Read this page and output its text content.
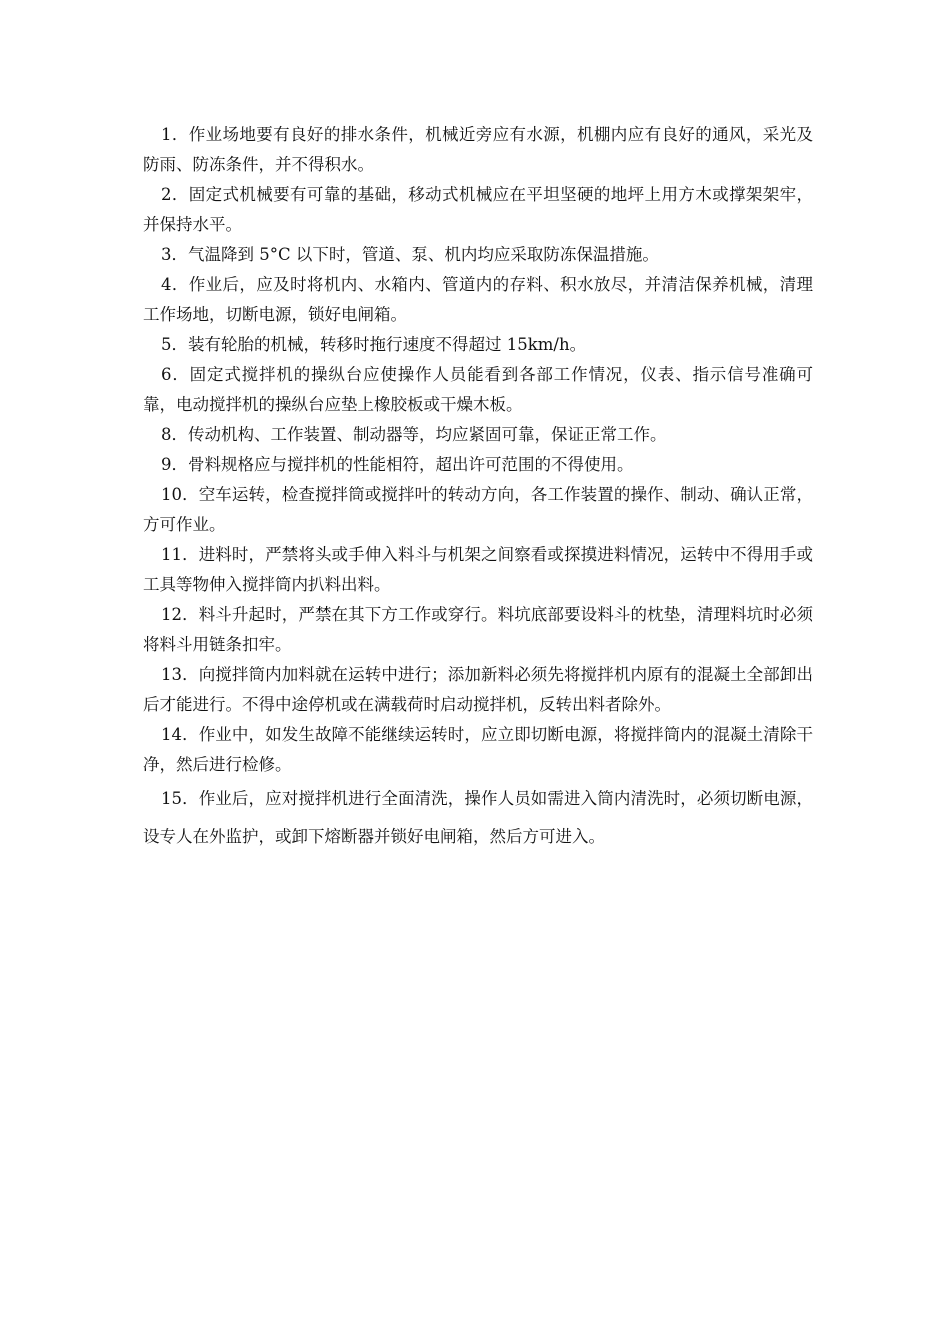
1．作业场地要有良好的排水条件，机械近旁应有水源，机棚内应有良好的通风，采光及防雨、防冻条件，并不得积水。

2．固定式机械要有可靠的基础，移动式机械应在平坦坚硬的地坪上用方木或撑架架牢，并保持水平。

3．气温降到 5°C 以下时，管道、泵、机内均应采取防冻保温措施。

4．作业后，应及时将机内、水箱内、管道内的存料、积水放尽，并清洁保养机械，清理工作场地，切断电源，锁好电闸箱。

5．装有轮胎的机械，转移时拖行速度不得超过 15km/h。

6．固定式搅拌机的操纵台应使操作人员能看到各部工作情况，仪表、指示信号准确可靠，电动搅拌机的操纵台应垫上橡胶板或干燥木板。

8．传动机构、工作装置、制动器等，均应紧固可靠，保证正常工作。

9．骨料规格应与搅拌机的性能相符，超出许可范围的不得使用。

10．空车运转，检查搅拌筒或搅拌叶的转动方向，各工作装置的操作、制动、确认正常，方可作业。

11．进料时，严禁将头或手伸入料斗与机架之间察看或探摸进料情况，运转中不得用手或工具等物伸入搅拌筒内扒料出料。

12．料斗升起时，严禁在其下方工作或穿行。料坑底部要设料斗的枕垫，清理料坑时必须将料斗用链条扣牢。

13．向搅拌筒内加料就在运转中进行；添加新料必须先将搅拌机内原有的混凝土全部卸出后才能进行。不得中途停机或在满载荷时启动搅拌机，反转出料者除外。

14．作业中，如发生故障不能继续运转时，应立即切断电源，将搅拌筒内的混凝土清除干净，然后进行检修。

15．作业后，应对搅拌机进行全面清洗，操作人员如需进入筒内清洗时，必须切断电源，设专人在外监护，或卸下熔断器并锁好电闸箱，然后方可进入。
